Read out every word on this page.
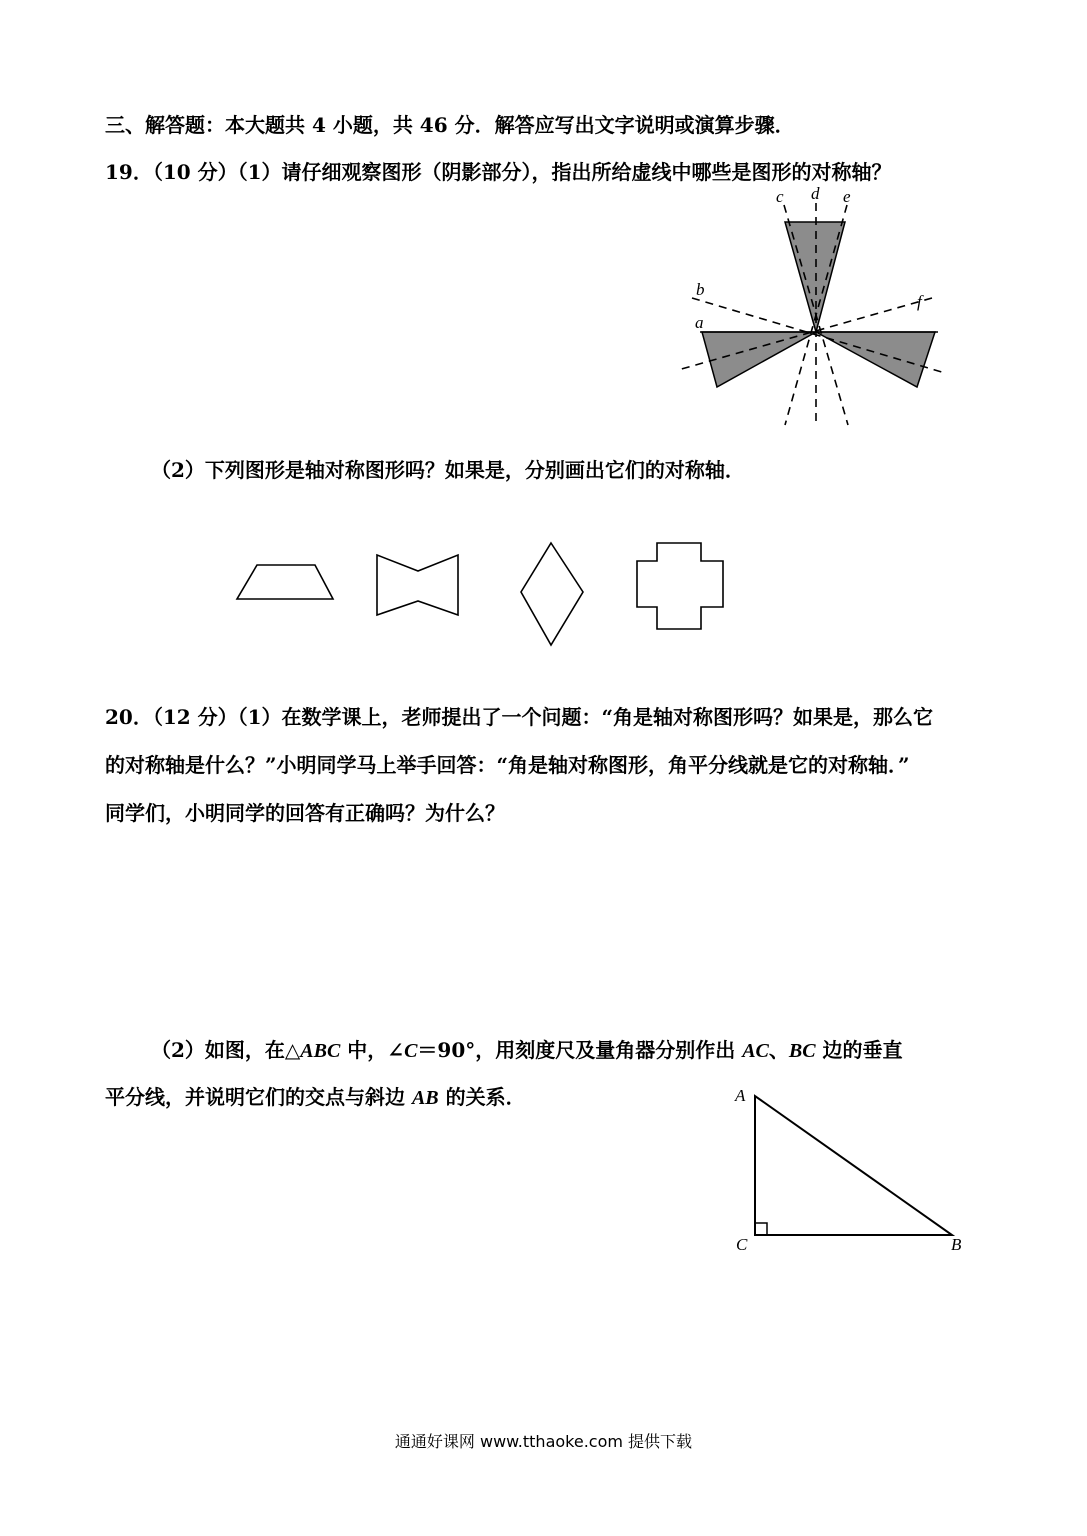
三、解答题：本大题共 4 小题，共 46 分．解答应写出文字说明或演算步骤．
19．（10 分）（1）请仔细观察图形（阴影部分），指出所给虚线中哪些是图形的对称轴？
c d e
b
f
a
（2）下列图形是轴对称图形吗？如果是，分别画出它们的对称轴．
20．（12 分）（1）在数学课上，老师提出了一个问题：“角是轴对称图形吗？如果是，那么它
的对称轴是什么？”小明同学马上举手回答：“角是轴对称图形，角平分线就是它的对称轴．”
同学们，小明同学的回答有正确吗？为什么？
（2）如图，在△ABC 中，∠C＝90°，用刻度尺及量角器分别作出 AC、BC 边的垂直
平分线，并说明它们的交点与斜边 AB 的关系．	A
C	B
通通好课网 www.tthaoke.com 提供下载
